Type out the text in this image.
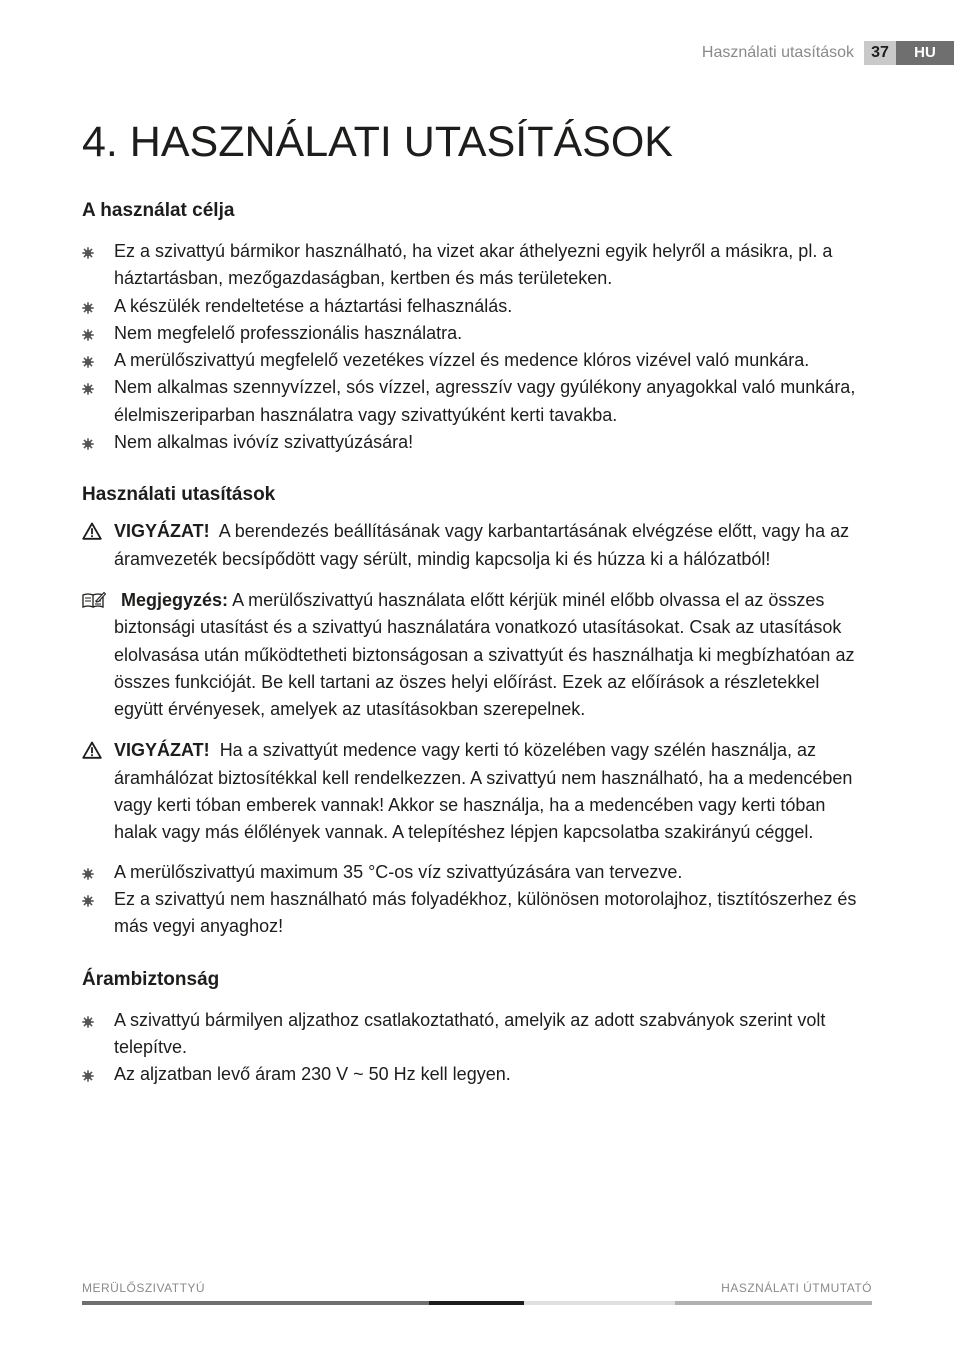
Használati utasítások	37	HU
4. HASZNÁLATI UTASÍTÁSOK
A használat célja
Ez a szivattyú bármikor használható, ha vizet akar áthelyezni egyik helyről a másikra, pl. a háztartásban, mezőgazdaságban, kertben és más területeken.
A készülék rendeltetése a háztartási felhasználás.
Nem megfelelő professzionális használatra.
A merülőszivattyú megfelelő vezetékes vízzel és medence klóros vizével való munkára.
Nem alkalmas szennyvízzel, sós vízzel, agresszív vagy gyúlékony anyagokkal való munkára, élelmiszeriparban használatra vagy szivattyúként kerti tavakba.
Nem alkalmas ivóvíz szivattyúzására!
Használati utasítások
VIGYÁZAT! A berendezés beállításának vagy karbantartásának elvégzése előtt, vagy ha az áramvezeték becsípődött vagy sérült, mindig kapcsolja ki és húzza ki a hálózatból!
Megjegyzés: A merülőszivattyú használata előtt kérjük minél előbb olvassa el az összes biztonsági utasítást és a szivattyú használatára vonatkozó utasításokat. Csak az utasítások elolvasása után működtetheti biztonságosan a szivattyút és használhatja ki megbízhatóan az összes funkcióját. Be kell tartani az öszes helyi előírást. Ezek az előírások a részletekkel együtt érvényesek, amelyek az utasításokban szerepelnek.
VIGYÁZAT! Ha a szivattyút medence vagy kerti tó közelében vagy szélén használja, az áramhálózat biztosítékkal kell rendelkezzen. A szivattyú nem használható, ha a medencében vagy kerti tóban emberek vannak! Akkor se használja, ha a medencében vagy kerti tóban halak vagy más élőlények vannak. A telepítéshez lépjen kapcsolatba szakirányú céggel.
A merülőszivattyú maximum 35 °C-os víz szivattyúzására van tervezve.
Ez a szivattyú nem használható más folyadékhoz, különösen motorolajhoz, tisztítószerhez és más vegyi anyaghoz!
Árambiztonság
A szivattyú bármilyen aljzathoz csatlakoztatható, amelyik az adott szabványok szerint volt telepítve.
Az aljzatban levő áram 230 V ~ 50 Hz kell legyen.
MERÜLŐSZIVATTYÚ	HASZNÁLATI ÚTMUTATÓ
